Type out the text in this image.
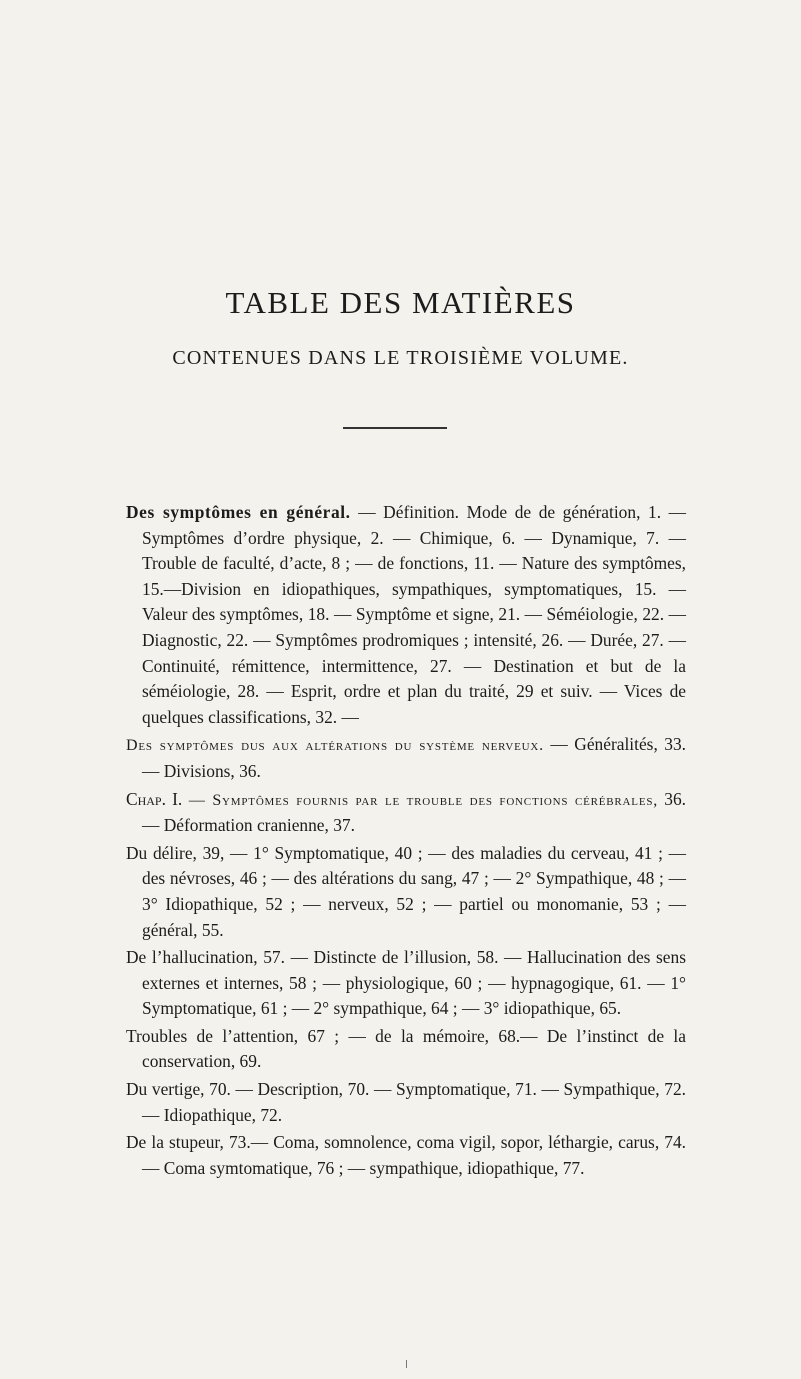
TABLE DES MATIÈRES
CONTENUES DANS LE TROISIÈME VOLUME.

Des symptômes en général. — Définition. Mode de de génération, 1. — Symptômes d’ordre physique, 2. — Chimique, 6. — Dynamique, 7. — Trouble de faculté, d’acte, 8 ; — de fonctions, 11. — Nature des symptômes, 15.—Division en idiopathiques, sympathiques, symptomatiques, 15. — Valeur des symptômes, 18. — Symptôme et signe, 21. — Séméiologie, 22. — Diagnostic, 22. — Symptômes prodromiques ; intensité, 26. — Durée, 27. — Continuité, rémittence, intermittence, 27. — Destination et but de la séméiologie, 28. — Esprit, ordre et plan du traité, 29 et suiv. — Vices de quelques classifications, 32. —

Des symptômes dus aux altérations du système nerveux. — Généralités, 33. — Divisions, 36.

Chap. I. — Symptômes fournis par le trouble des fonctions cérébrales, 36. — Déformation cranienne, 37.

Du délire, 39, — 1° Symptomatique, 40 ; — des maladies du cerveau, 41 ; — des névroses, 46 ; — des altérations du sang, 47 ; — 2° Sympathique, 48 ; — 3° Idiopathique, 52 ; — nerveux, 52 ; — partiel ou monomanie, 53 ; — général, 55.

De l’hallucination, 57. — Distincte de l’illusion, 58. — Hallucination des sens externes et internes, 58 ; — physiologique, 60 ; — hypnagogique, 61. — 1° Symptomatique, 61 ; — 2° sympathique, 64 ; — 3° idiopathique, 65.

Troubles de l’attention, 67 ; — de la mémoire, 68.— De l’instinct de la conservation, 69.

Du vertige, 70. — Description, 70. — Symptomatique, 71. — Sympathique, 72. — Idiopathique, 72.

De la stupeur, 73.— Coma, somnolence, coma vigil, sopor, léthargie, carus, 74. — Coma symtomatique, 76 ; — sympathique, idiopathique, 77.
